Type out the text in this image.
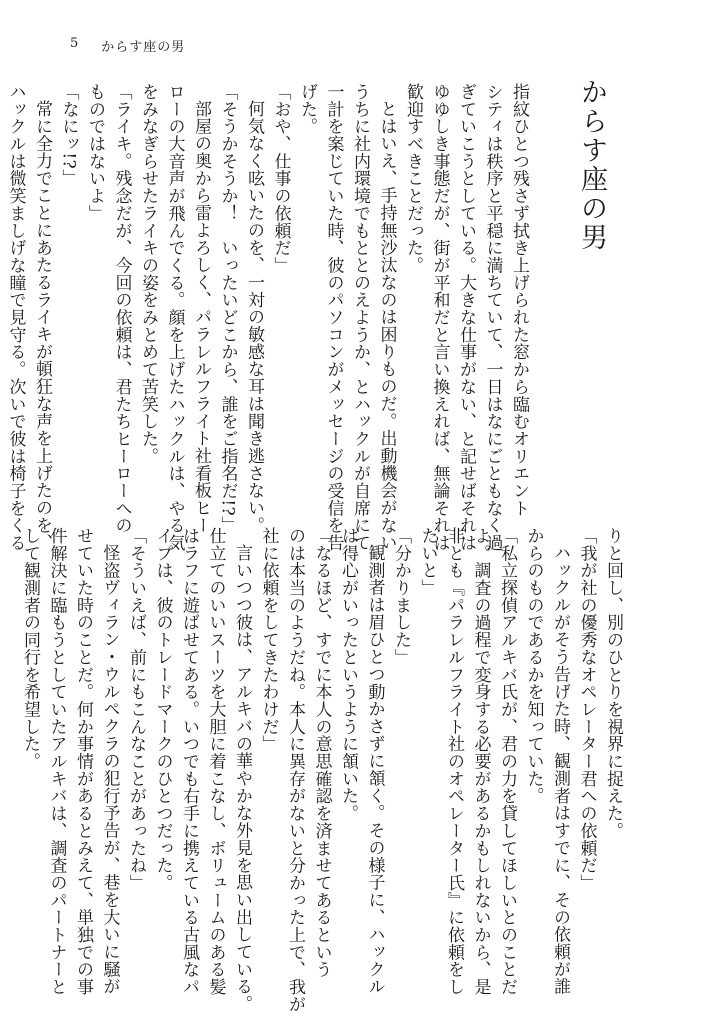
5 からす座の男
からす座の男

指紋ひとつ残さず拭き上げられた窓から臨むオリエント

シティは秩序と平穏に満ちていて、一日はなにごともなく過

ぎていこうとしている。大きな仕事がない、と記せばそれは

ゆゆしき事態だが、街が平和だと言い換えれば、無論それは

歓迎すべきことだった。

とはいえ、手持無沙汰なのは困りものだ。出動機会がない

うちに社内環境でもととのえようか、とハックルが自席にて

一計を案じていた時、彼のパソコンがメッセージの受信を告

げた。

「おや、仕事の依頼だ」

何気なく呟いたのを、一対の敏感な耳は聞き逃さない。

「そうかそうか！　いったいどこから、誰をご指名だ!?」

部屋の奥から雷よろしく、パラレルフライト社看板ヒー

ローの大音声が飛んでくる。顔を上げたハックルは、やる気

をみなぎらせたライキの姿をみとめて苦笑した。

「ライキ。残念だが、今回の依頼は、君たちヒーローへの

ものではないよ」

「なにッ!?」

常に全力でことにあたるライキが頓狂な声を上げたのを、

ハックルは微笑ましげな瞳で見守る。次いで彼は椅子をくる

りと回し、別のひとりを視界に捉えた。

「我が社の優秀なオペレーター君への依頼だ」

ハックルがそう告げた時、観測者はすでに、その依頼が誰

からのものであるかを知っていた。

「私立探偵アルキバ氏が、君の力を貸してほしいとのことだ

よ。調査の過程で変身する必要があるかもしれないから、是

非とも『パラレルフライト社のオペレーター氏』に依頼をし

たいと」

「分かりました」

観測者は眉ひとつ動かさずに頷く。その様子に、ハックル

は得心がいったというように頷いた。

「なるほど、すでに本人の意思確認を済ませてあるという

のは本当のようだね。本人に異存がないと分かった上で、我が

社に依頼をしてきたわけだ」

言いつつ彼は、アルキバの華やかな外見を思い出している。

仕立てのいいスーツを大胆に着こなし、ボリュームのある髪

はラフに遊ばせてある。いつでも右手に携えている古風なパ

イプは、彼のトレードマークのひとつだった。

「そういえば、前にもこんなことがあったね」

怪盗ヴィラン・ウルペクラの犯行予告が、巷を大いに騒が

せていた時のことだ。何か事情があるとみえて、単独での事

件解決に臨もうとしていたアルキバは、調査のパートナーと

して観測者の同行を希望した。
